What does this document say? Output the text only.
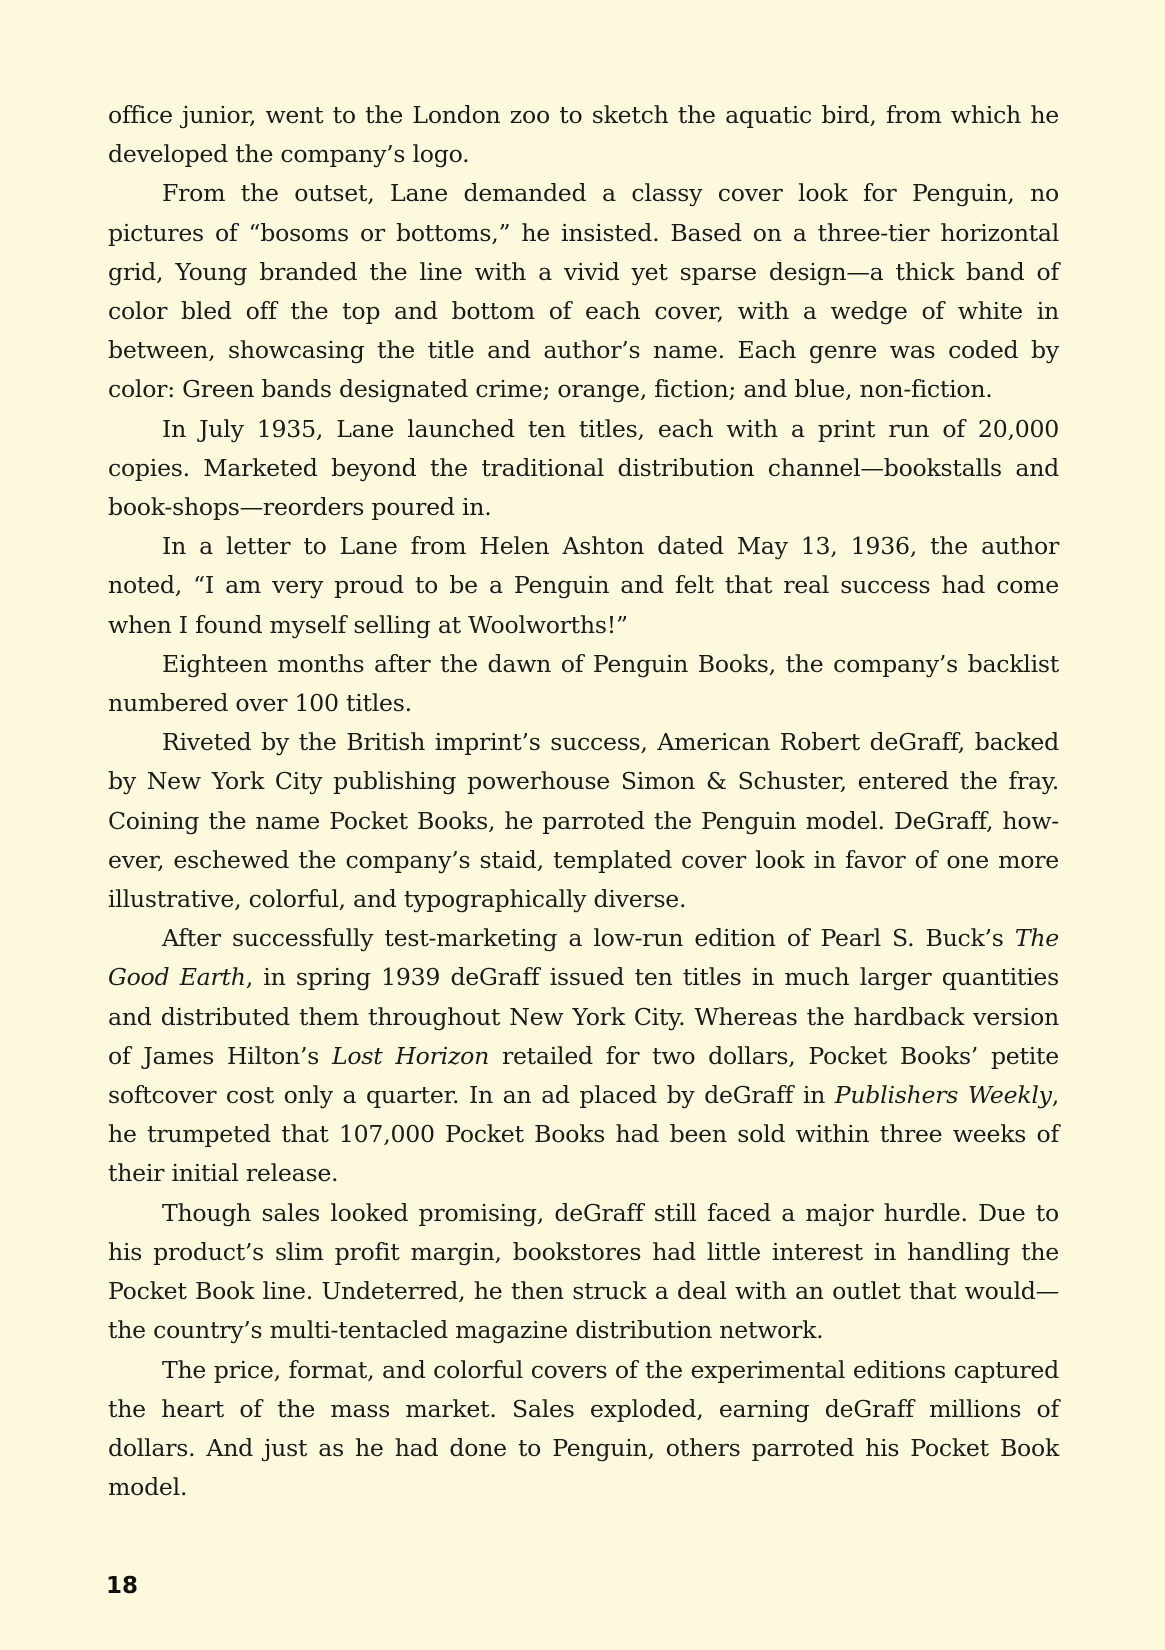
office junior, went to the London zoo to sketch the aquatic bird, from which he developed the company’s logo.

From the outset, Lane demanded a classy cover look for Penguin, no pictures of “bosoms or bottoms,” he insisted. Based on a three-tier horizontal grid, Young branded the line with a vivid yet sparse design—a thick band of color bled off the top and bottom of each cover, with a wedge of white in between, showcasing the title and author’s name. Each genre was coded by color: Green bands designated crime; orange, fiction; and blue, non-fiction.

In July 1935, Lane launched ten titles, each with a print run of 20,000 copies. Marketed beyond the traditional distribution channel—bookstalls and book-shops—reorders poured in.

In a letter to Lane from Helen Ashton dated May 13, 1936, the author noted, “I am very proud to be a Penguin and felt that real success had come when I found myself selling at Woolworths!”

Eighteen months after the dawn of Penguin Books, the company’s backlist numbered over 100 titles.

Riveted by the British imprint’s success, American Robert deGraff, backed by New York City publishing powerhouse Simon & Schuster, entered the fray. Coining the name Pocket Books, he parroted the Penguin model. DeGraff, how-ever, eschewed the company’s staid, templated cover look in favor of one more illustrative, colorful, and typographically diverse.

After successfully test-marketing a low-run edition of Pearl S. Buck’s The Good Earth, in spring 1939 deGraff issued ten titles in much larger quantities and distributed them throughout New York City. Whereas the hardback version of James Hilton’s Lost Horizon retailed for two dollars, Pocket Books’ petite softcover cost only a quarter. In an ad placed by deGraff in Publishers Weekly, he trumpeted that 107,000 Pocket Books had been sold within three weeks of their initial release.

Though sales looked promising, deGraff still faced a major hurdle. Due to his product’s slim profit margin, bookstores had little interest in handling the Pocket Book line. Undeterred, he then struck a deal with an outlet that would—the country’s multi-tentacled magazine distribution network.

The price, format, and colorful covers of the experimental editions captured the heart of the mass market. Sales exploded, earning deGraff millions of dollars. And just as he had done to Penguin, others parroted his Pocket Book model.

18
